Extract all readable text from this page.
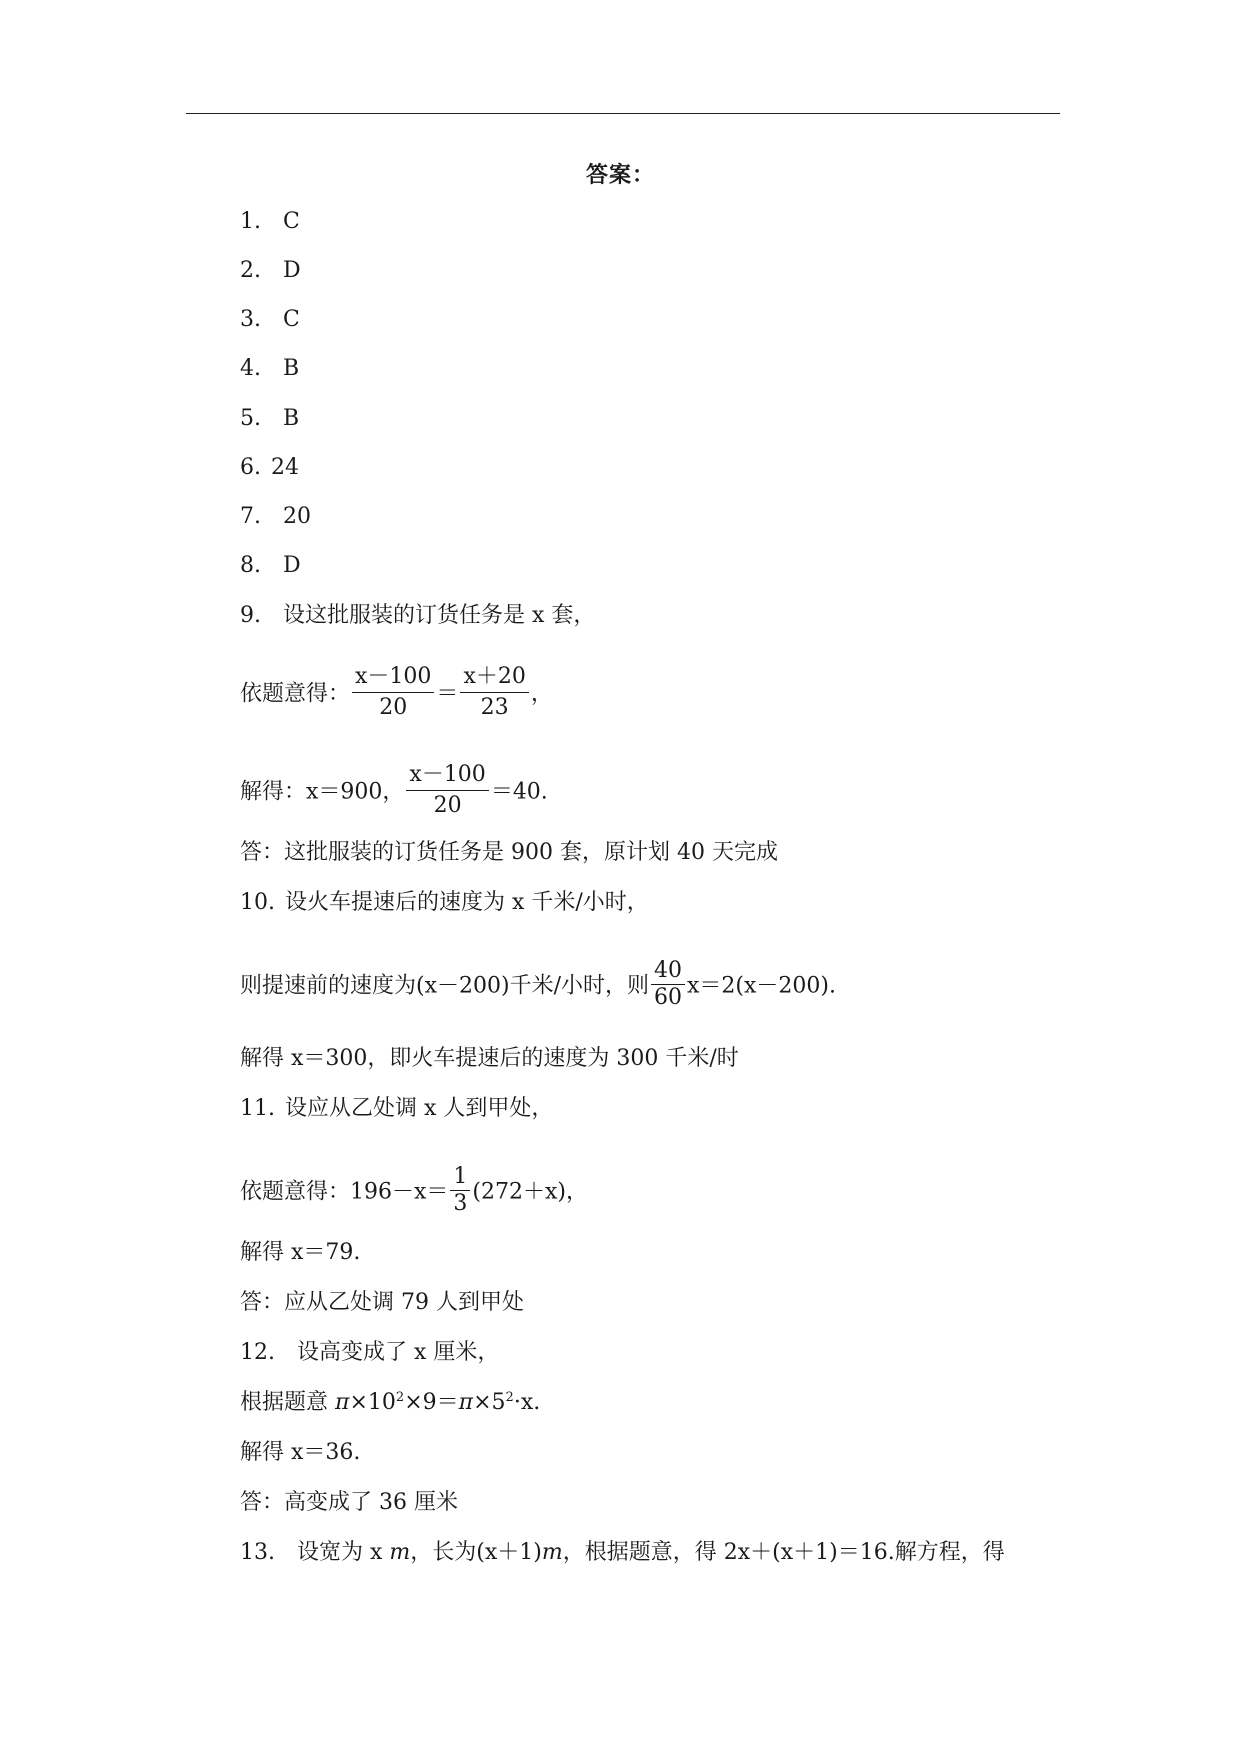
答案：
1. C
2. D
3. C
4. B
5. B
6. 24
7. 20
8. D
9. 设这批服装的订货任务是 x 套，
依题意得： $\frac{x-100}{20} = \frac{x+20}{23}$ ，
解得：x＝900， $\frac{x-100}{20} =40$.
答：这批服装的订货任务是 900 套，原计划 40 天完成
10. 设火车提速后的速度为 x 千米/小时，
则提速前的速度为(x－200)千米/小时，则 $\frac{40}{60} x=2(x-200)$.
解得 x＝300，即火车提速后的速度为 300 千米/时
11. 设应从乙处调 x 人到甲处，
依题意得：$196-x= \frac{1}{3} (272+x)$，
解得 x＝79.
答：应从乙处调 79 人到甲处
12. 设高变成了 x 厘米，
根据题意 $\pi\times 10^2\times 9=\pi\times 5^2\cdot x$.
解得 x＝36.
答：高变成了 36 厘米
13. 设宽为 x m，长为(x＋1)m，根据题意，得 2x＋(x＋1)＝16.解方程，得
